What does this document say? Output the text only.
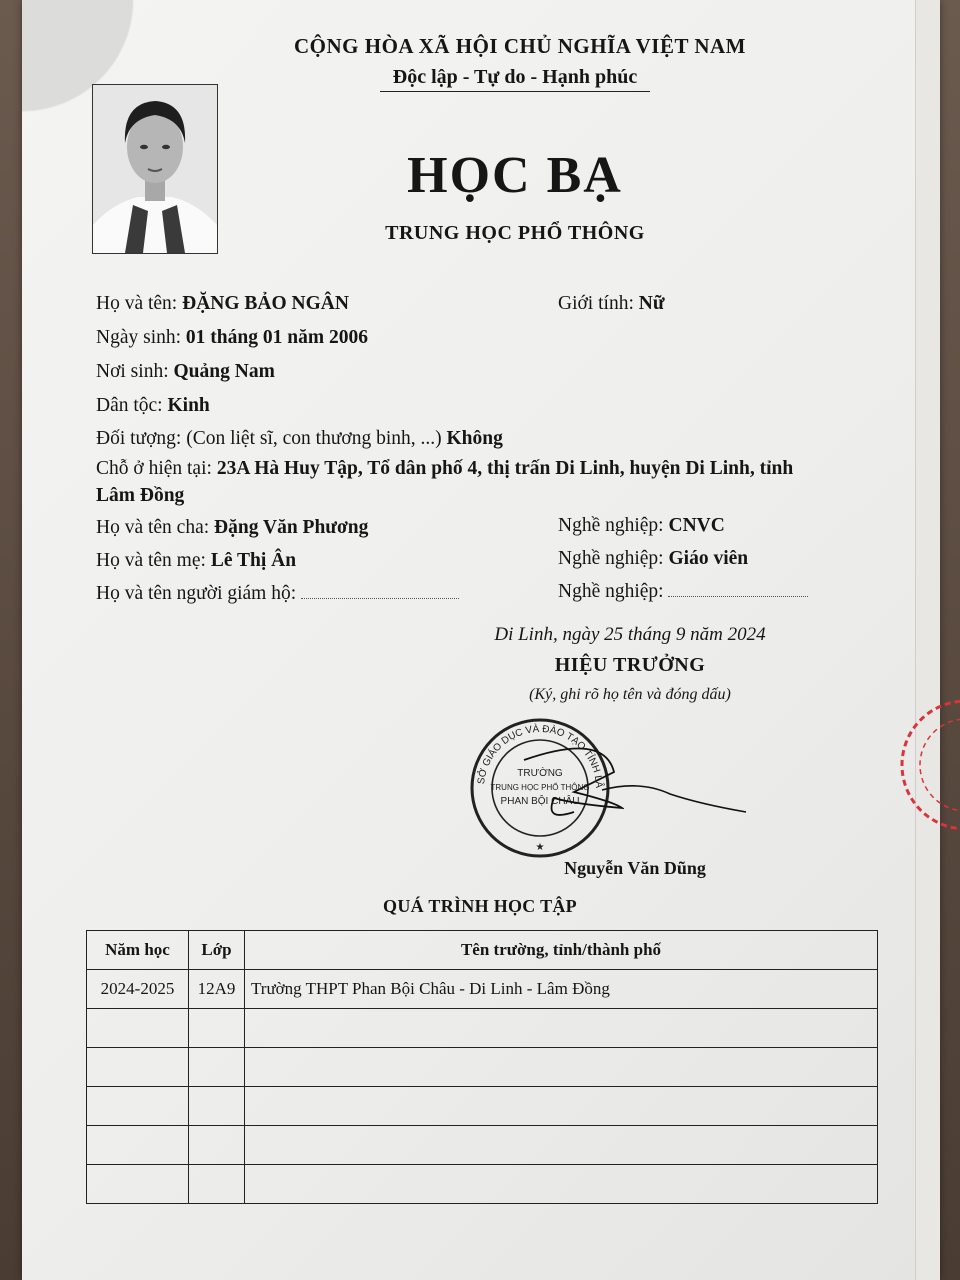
CỘNG HÒA XÃ HỘI CHỦ NGHĨA VIỆT NAM
Độc lập - Tự do - Hạnh phúc
HỌC BẠ
TRUNG HỌC PHỔ THÔNG
Họ và tên: ĐẶNG BẢO NGÂN	Giới tính: Nữ
Ngày sinh: 01 tháng 01 năm 2006
Nơi sinh: Quảng Nam
Dân tộc: Kinh
Đối tượng: (Con liệt sĩ, con thương binh, ...) Không
Chỗ ở hiện tại: 23A Hà Huy Tập, Tổ dân phố 4, thị trấn Di Linh, huyện Di Linh, tỉnh
Lâm Đồng
Họ và tên cha: Đặng Văn Phương	Nghề nghiệp: CNVC
Họ và tên mẹ: Lê Thị Ân	Nghề nghiệp: Giáo viên
Họ và tên người giám hộ:	Nghề nghiệp:
Di Linh, ngày 25 tháng 9 năm 2024
HIỆU TRƯỞNG
(Ký, ghi rõ họ tên và đóng dấu)
SỞ GIÁO DỤC VÀ ĐÀO TẠO TỈNH LÂ
TRƯỜNG
TRUNG HỌC PHỔ THÔNG
PHAN BỘI CHÂU
★
Nguyễn Văn Dũng
QUÁ TRÌNH HỌC TẬP
Năm học	Lớp	Tên trường, tỉnh/thành phố
2024-2025	12A9	Trường THPT Phan Bội Châu - Di Linh - Lâm Đồng
